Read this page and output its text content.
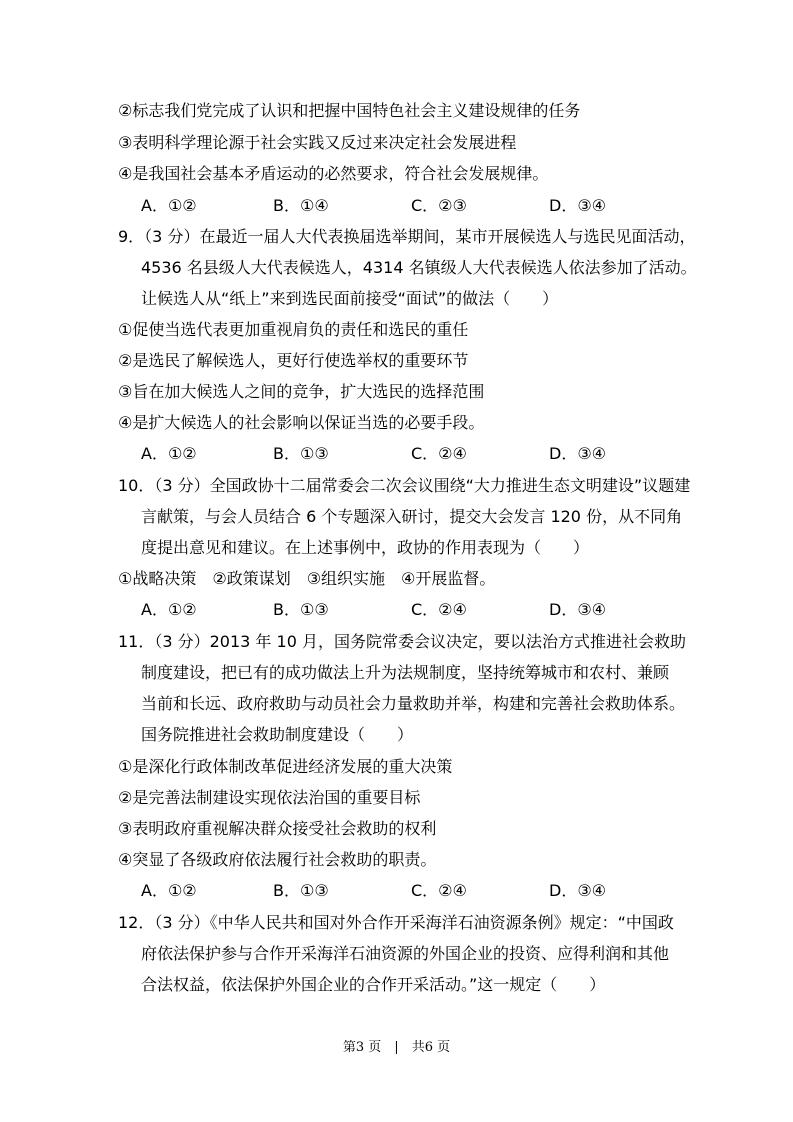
②标志我们党完成了认识和把握中国特色社会主义建设规律的任务
③表明科学理论源于社会实践又反过来决定社会发展进程
④是我国社会基本矛盾运动的必然要求，符合社会发展规律。
A．①②	B．①④	C．②③	D．③④
9．（3 分）在最近一届人大代表换届选举期间，某市开展候选人与选民见面活动，
4536 名县级人大代表候选人，4314 名镇级人大代表候选人依法参加了活动。
让候选人从“纸上”来到选民面前接受“面试”的做法（　　）
①促使当选代表更加重视肩负的责任和选民的重任
②是选民了解候选人，更好行使选举权的重要环节
③旨在加大候选人之间的竞争，扩大选民的选择范围
④是扩大候选人的社会影响以保证当选的必要手段。
A．①②	B．①③	C．②④	D．③④
10．（3 分）全国政协十二届常委会二次会议围绕“大力推进生态文明建设”议题建
言献策，与会人员结合 6 个专题深入研讨，提交大会发言 120 份，从不同角
度提出意见和建议。在上述事例中，政协的作用表现为（　　）
①战略决策　②政策谋划　③组织实施　④开展监督。
A．①②	B．①③	C．②④	D．③④
11．（3 分）2013 年 10 月，国务院常委会议决定，要以法治方式推进社会救助
制度建设，把已有的成功做法上升为法规制度，坚持统筹城市和农村、兼顾
当前和长远、政府救助与动员社会力量救助并举，构建和完善社会救助体系。
国务院推进社会救助制度建设（　　）
①是深化行政体制改革促进经济发展的重大决策
②是完善法制建设实现依法治国的重要目标
③表明政府重视解决群众接受社会救助的权利
④突显了各级政府依法履行社会救助的职责。
A．①②	B．①③	C．②④	D．③④
12．（3 分）《中华人民共和国对外合作开采海洋石油资源条例》规定：“中国政
府依法保护参与合作开采海洋石油资源的外国企业的投资、应得利润和其他
合法权益，依法保护外国企业的合作开采活动。”这一规定（　　）
第3 页　|　共6 页
